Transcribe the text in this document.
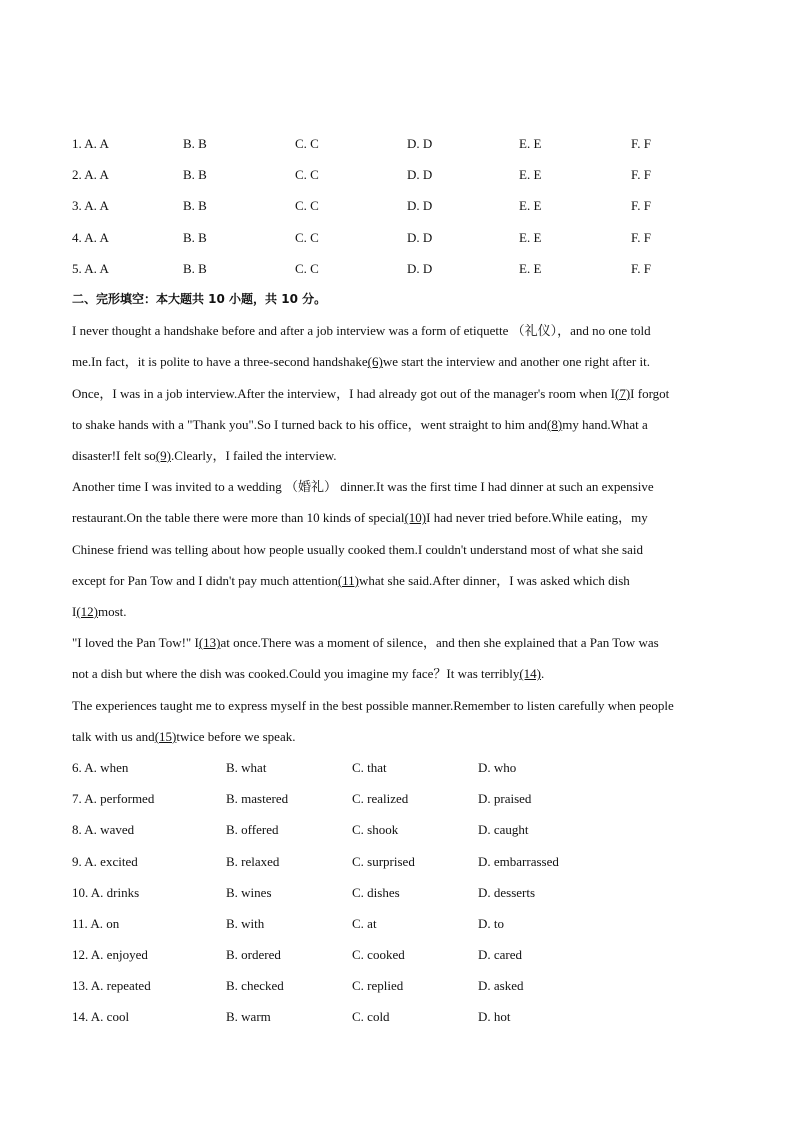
1. A. A	B. B	C. C	D. D	E. E	F. F
2. A. A	B. B	C. C	D. D	E. E	F. F
3. A. A	B. B	C. C	D. D	E. E	F. F
4. A. A	B. B	C. C	D. D	E. E	F. F
5. A. A	B. B	C. C	D. D	E. E	F. F
二、完形填空：本大题共 10 小题，共 10 分。
I never thought a handshake before and after a job interview was a form of etiquette （礼仪），and no one told
me.In fact，it is polite to have a three-second handshake(6)we start the interview and another one right after it.
Once，I was in a job interview.After the interview，I had already got out of the manager's room when I(7)I forgot
to shake hands with a "Thank you".So I turned back to his office，went straight to him and(8)my hand.What a
disaster!I felt so(9).Clearly，I failed the interview.
Another time I was invited to a wedding （婚礼） dinner.It was the first time I had dinner at such an expensive
restaurant.On the table there were more than 10 kinds of special(10)I had never tried before.While eating，my
Chinese friend was telling about how people usually cooked them.I couldn't understand most of what she said
except for Pan Tow and I didn't pay much attention(11)what she said.After dinner，I was asked which dish
I(12)most.
"I loved the Pan Tow!" I(13)at once.There was a moment of silence，and then she explained that a Pan Tow was
not a dish but where the dish was cooked.Could you imagine my face？It was terribly(14).
The experiences taught me to express myself in the best possible manner.Remember to listen carefully when people
talk with us and(15)twice before we speak.
6. A. when	B. what	C. that	D. who
7. A. performed	B. mastered	C. realized	D. praised
8. A. waved	B. offered	C. shook	D. caught
9. A. excited	B. relaxed	C. surprised	D. embarrassed
10. A. drinks	B. wines	C. dishes	D. desserts
11. A. on	B. with	C. at	D. to
12. A. enjoyed	B. ordered	C. cooked	D. cared
13. A. repeated	B. checked	C. replied	D. asked
14. A. cool	B. warm	C. cold	D. hot
